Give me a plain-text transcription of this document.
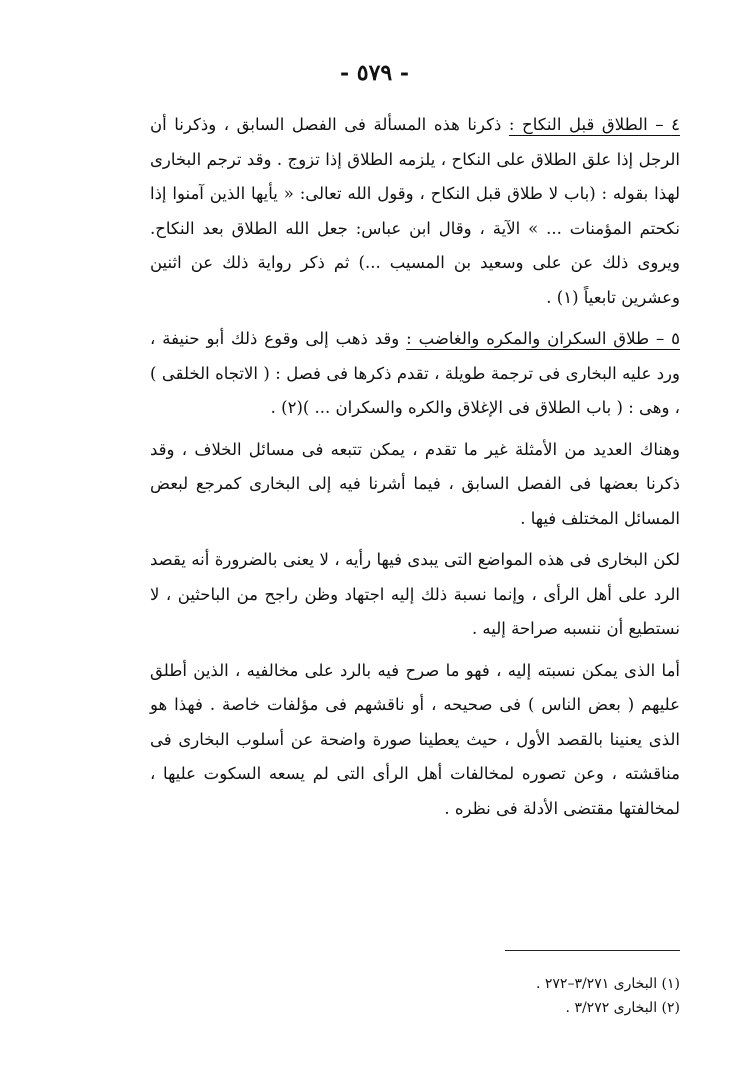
- ٥٧٩ -

٤ – الطلاق قبل النكاح : ذكرنا هذه المسألة فى الفصل السابق ، وذكرنا أن الرجل إذا علق الطلاق على النكاح ، يلزمه الطلاق إذا تزوج . وقد ترجم البخارى لهذا بقوله : (باب لا طلاق قبل النكاح ، وقول الله تعالى: « يأيها الذين آمنوا إذا نكحتم المؤمنات ... » الآية ، وقال ابن عباس: جعل الله الطلاق بعد النكاح. ويروى ذلك عن على وسعيد بن المسيب ...) ثم ذكر رواية ذلك عن اثنين وعشرين تابعياً (١) .

٥ – طلاق السكران والمكره والغاضب : وقد ذهب إلى وقوع ذلك أبو حنيفة ، ورد عليه البخارى فى ترجمة طويلة ، تقدم ذكرها فى فصل : ( الاتجاه الخلقى ) ، وهى : ( باب الطلاق فى الإغلاق والكره والسكران ... )(٢) .

وهناك العديد من الأمثلة غير ما تقدم ، يمكن تتبعه فى مسائل الخلاف ، وقد ذكرنا بعضها فى الفصل السابق ، فيما أشرنا فيه إلى البخارى كمرجع لبعض المسائل المختلف فيها .

لكن البخارى فى هذه المواضع التى يبدى فيها رأيه ، لا يعنى بالضرورة أنه يقصد الرد على أهل الرأى ، وإنما نسبة ذلك إليه اجتهاد وظن راجح من الباحثين ، لا نستطيع أن ننسبه صراحة إليه .

أما الذى يمكن نسبته إليه ، فهو ما صرح فيه بالرد على مخالفيه ، الذين أطلق عليهم ( بعض الناس ) فى صحيحه ، أو ناقشهم فى مؤلفات خاصة . فهذا هو الذى يعنينا بالقصد الأول ، حيث يعطينا صورة واضحة عن أسلوب البخارى فى مناقشته ، وعن تصوره لمخالفات أهل الرأى التى لم يسعه السكوت عليها ، لمخالفتها مقتضى الأدلة فى نظره .

(١) البخارى ٣/٢٧١–٢٧٢ .

(٢) البخارى ٣/٢٧٢ .
